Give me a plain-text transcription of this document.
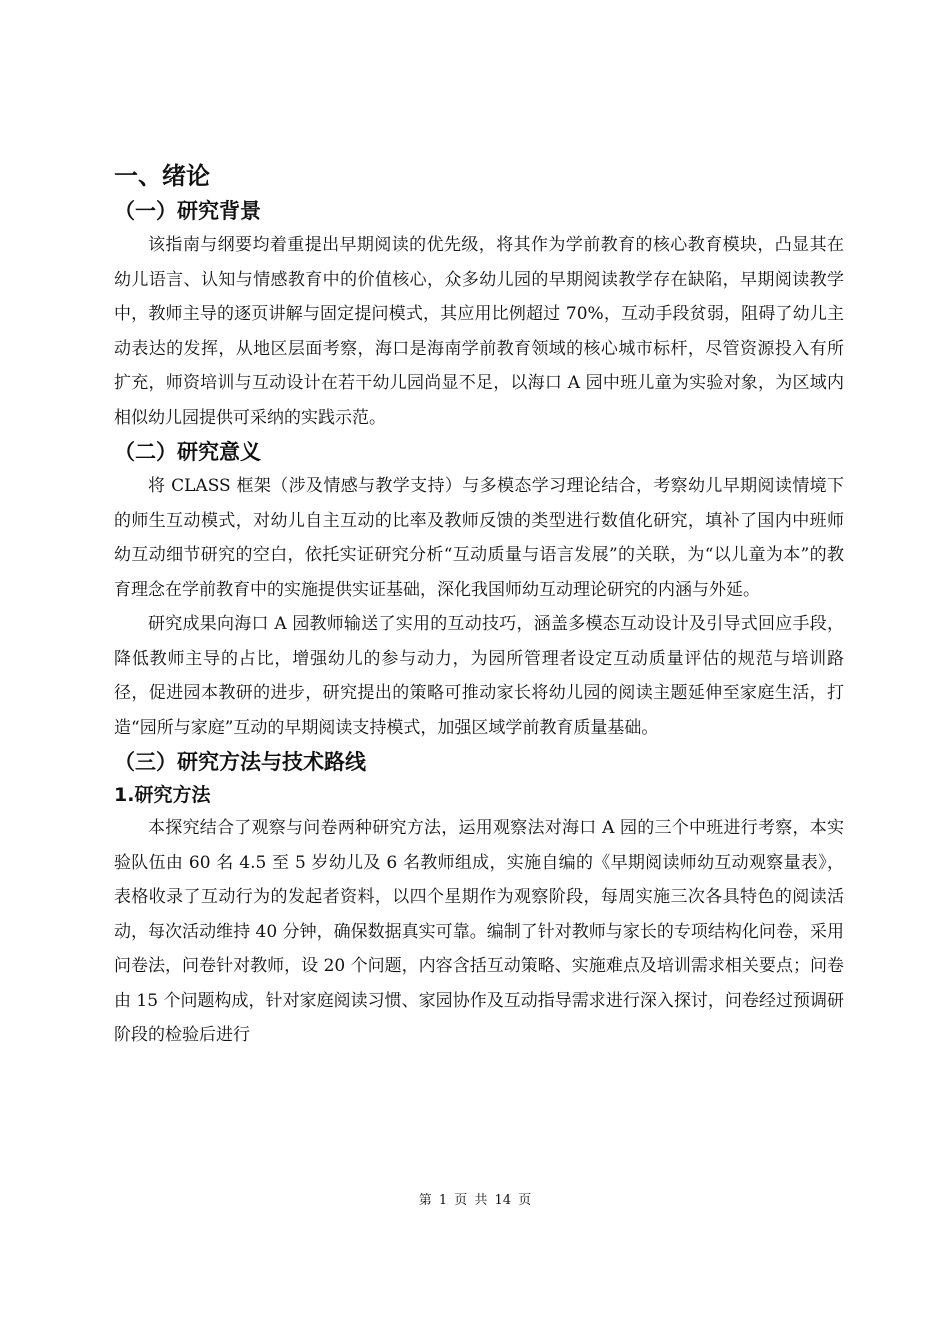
一、绪论
（一）研究背景

该指南与纲要均着重提出早期阅读的优先级，将其作为学前教育的核心教育模块，凸显其在幼儿语言、认知与情感教育中的价值核心，众多幼儿园的早期阅读教学存在缺陷，早期阅读教学中，教师主导的逐页讲解与固定提问模式，其应用比例超过 70%，互动手段贫弱，阻碍了幼儿主动表达的发挥，从地区层面考察，海口是海南学前教育领域的核心城市标杆，尽管资源投入有所扩充，师资培训与互动设计在若干幼儿园尚显不足，以海口 A 园中班儿童为实验对象，为区域内相似幼儿园提供可采纳的实践示范。

（二）研究意义

将 CLASS 框架（涉及情感与教学支持）与多模态学习理论结合，考察幼儿早期阅读情境下的师生互动模式，对幼儿自主互动的比率及教师反馈的类型进行数值化研究，填补了国内中班师幼互动细节研究的空白，依托实证研究分析“互动质量与语言发展”的关联，为“以儿童为本”的教育理念在学前教育中的实施提供实证基础，深化我国师幼互动理论研究的内涵与外延。

研究成果向海口 A 园教师输送了实用的互动技巧，涵盖多模态互动设计及引导式回应手段，降低教师主导的占比，增强幼儿的参与动力，为园所管理者设定互动质量评估的规范与培训路径，促进园本教研的进步，研究提出的策略可推动家长将幼儿园的阅读主题延伸至家庭生活，打造“园所与家庭”互动的早期阅读支持模式，加强区域学前教育质量基础。

（三）研究方法与技术路线
1.研究方法

本探究结合了观察与问卷两种研究方法，运用观察法对海口 A 园的三个中班进行考察，本实验队伍由 60 名 4.5 至 5 岁幼儿及 6 名教师组成，实施自编的《早期阅读师幼互动观察量表》，表格收录了互动行为的发起者资料，以四个星期作为观察阶段，每周实施三次各具特色的阅读活动，每次活动维持 40 分钟，确保数据真实可靠。编制了针对教师与家长的专项结构化问卷，采用问卷法，问卷针对教师，设 20 个问题，内容含括互动策略、实施难点及培训需求相关要点；问卷由 15 个问题构成，针对家庭阅读习惯、家园协作及互动指导需求进行深入探讨，问卷经过预调研阶段的检验后进行

第 1 页 共 14 页
